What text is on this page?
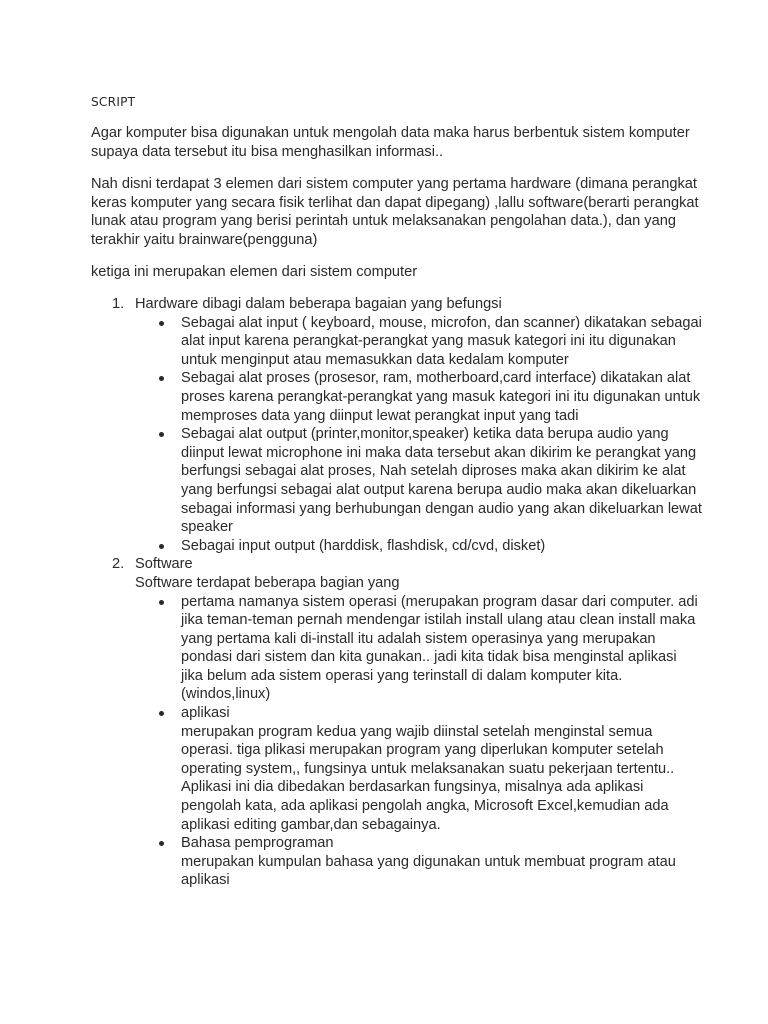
SCRIPT
Agar komputer bisa digunakan untuk mengolah data maka harus berbentuk sistem komputer
supaya data tersebut itu bisa menghasilkan informasi..
Nah disni terdapat 3 elemen dari sistem computer yang pertama hardware (dimana perangkat
keras komputer yang secara fisik terlihat dan dapat dipegang) ,lallu software(berarti perangkat
lunak atau program yang berisi perintah untuk melaksanakan pengolahan data.), dan yang
terakhir yaitu brainware(pengguna)
ketiga ini merupakan elemen dari sistem computer
1. Hardware dibagi dalam beberapa bagaian yang befungsi
Sebagai alat input ( keyboard, mouse, microfon, dan scanner) dikatakan sebagai
alat input karena perangkat-perangkat yang masuk kategori ini itu digunakan
untuk menginput atau memasukkan data kedalam komputer
Sebagai alat proses (prosesor, ram, motherboard,card interface) dikatakan alat
proses karena perangkat-perangkat yang masuk kategori ini itu digunakan untuk
memproses data yang diinput lewat perangkat input yang tadi
Sebagai alat output (printer,monitor,speaker) ketika data berupa audio yang
diinput lewat microphone ini maka data tersebut akan dikirim ke perangkat yang
berfungsi sebagai alat proses, Nah setelah diproses maka akan dikirim ke alat
yang berfungsi sebagai alat output karena berupa audio maka akan dikeluarkan
sebagai informasi yang berhubungan dengan audio yang akan dikeluarkan lewat
speaker
Sebagai input output (harddisk, flashdisk, cd/cvd, disket)
2. Software
Software terdapat beberapa bagian yang
pertama namanya sistem operasi (merupakan program dasar dari computer. adi
jika teman-teman pernah mendengar istilah install ulang atau clean install maka
yang pertama kali di-install itu adalah sistem operasinya yang merupakan
pondasi dari sistem dan kita gunakan.. jadi kita tidak bisa menginstal aplikasi
jika belum ada sistem operasi yang terinstall di dalam komputer kita.
(windos,linux)
aplikasi
merupakan program kedua yang wajib diinstal setelah menginstal semua
operasi. tiga plikasi merupakan program yang diperlukan komputer setelah
operating system,, fungsinya untuk melaksanakan suatu pekerjaan tertentu..
Aplikasi ini dia dibedakan berdasarkan fungsinya, misalnya ada aplikasi
pengolah kata, ada aplikasi pengolah angka, Microsoft Excel,kemudian ada
aplikasi editing gambar,dan sebagainya.
Bahasa pemprograman
merupakan kumpulan bahasa yang digunakan untuk membuat program atau
aplikasi
